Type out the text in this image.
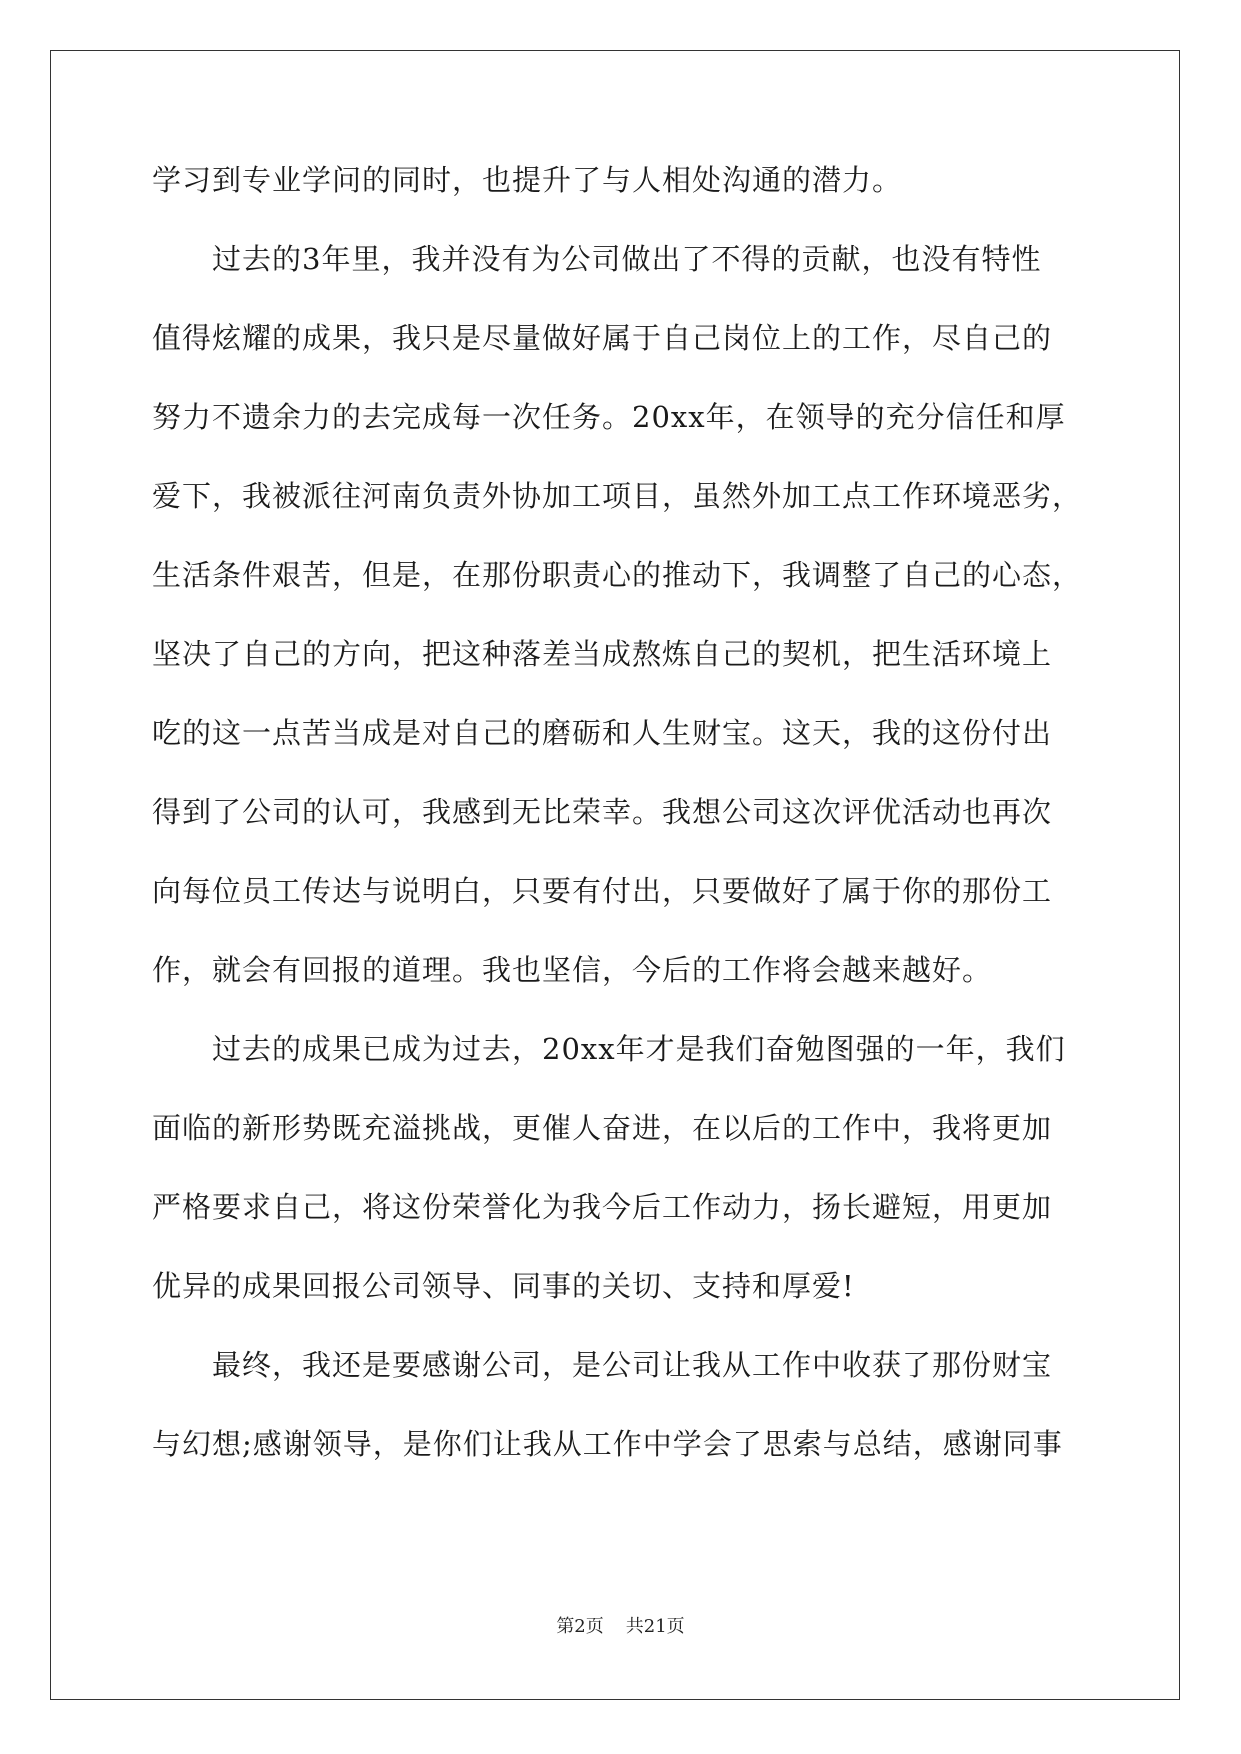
学习到专业学问的同时，也提升了与人相处沟通的潜力。

过去的3年里，我并没有为公司做出了不得的贡献，也没有特性

值得炫耀的成果，我只是尽量做好属于自己岗位上的工作，尽自己的

努力不遗余力的去完成每一次任务。20xx年，在领导的充分信任和厚

爱下，我被派往河南负责外协加工项目，虽然外加工点工作环境恶劣，

生活条件艰苦，但是，在那份职责心的推动下，我调整了自己的心态，

坚决了自己的方向，把这种落差当成熬炼自己的契机，把生活环境上

吃的这一点苦当成是对自己的磨砺和人生财宝。这天，我的这份付出

得到了公司的认可，我感到无比荣幸。我想公司这次评优活动也再次

向每位员工传达与说明白，只要有付出，只要做好了属于你的那份工

作，就会有回报的道理。我也坚信，今后的工作将会越来越好。

过去的成果已成为过去，20xx年才是我们奋勉图强的一年，我们

面临的新形势既充溢挑战，更催人奋进，在以后的工作中，我将更加

严格要求自己，将这份荣誉化为我今后工作动力，扬长避短，用更加

优异的成果回报公司领导、同事的关切、支持和厚爱!

最终，我还是要感谢公司，是公司让我从工作中收获了那份财宝

与幻想;感谢领导，是你们让我从工作中学会了思索与总结，感谢同事

第2页 共21页
